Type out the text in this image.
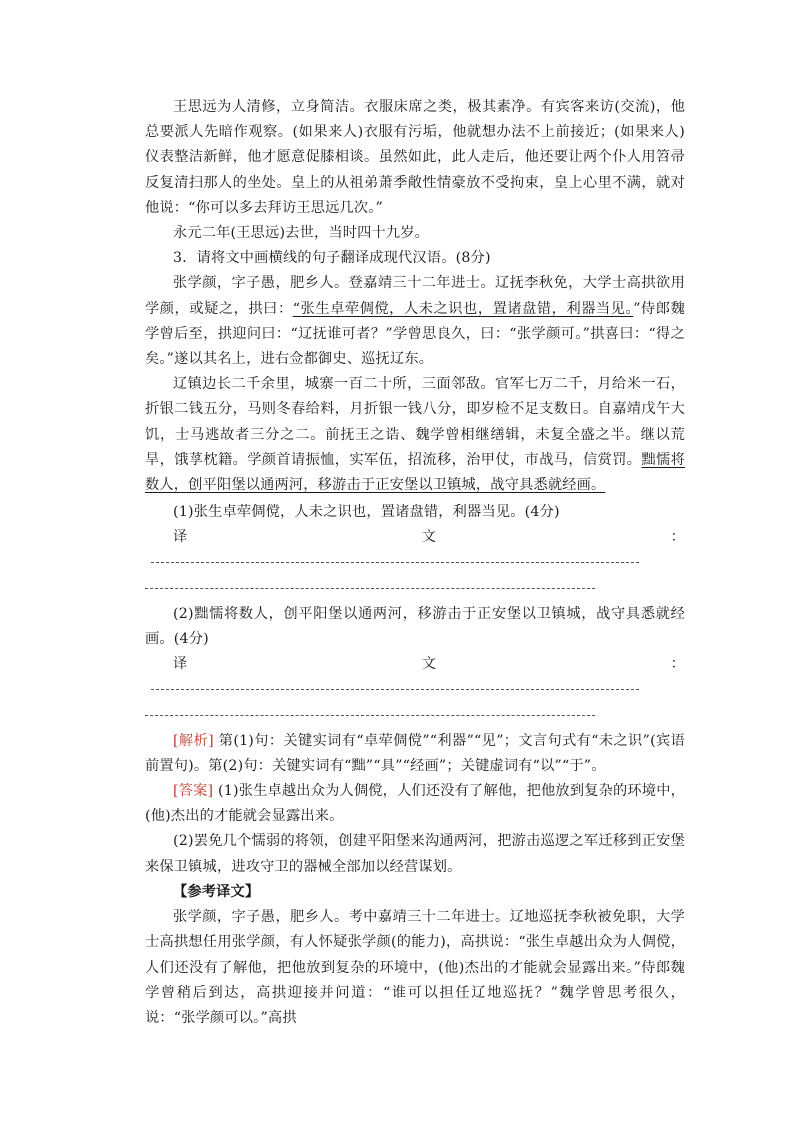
王思远为人清修，立身简洁。衣服床席之类，极其素净。有宾客来访(交流)，他总要派人先暗作观察。(如果来人)衣服有污垢，他就想办法不上前接近；(如果来人)仪表整洁新鲜，他才愿意促膝相谈。虽然如此，此人走后，他还要让两个仆人用笤帚反复清扫那人的坐处。皇上的从祖弟萧季敞性情豪放不受拘束，皇上心里不满，就对他说：“你可以多去拜访王思远几次。”

永元二年(王思远)去世，当时四十九岁。

3．请将文中画横线的句子翻译成现代汉语。(8分)

张学颜，字子愚，肥乡人。登嘉靖三十二年进士。辽抚李秋免，大学士高拱欲用学颜，或疑之，拱曰：“张生卓荦倜傥，人未之识也，置诸盘错，利器当见。”侍郎魏学曾后至，拱迎问曰：“辽抚谁可者？”学曾思良久，曰：“张学颜可。”拱喜曰：“得之矣。”遂以其名上，进右佥都御史、巡抚辽东。

辽镇边长二千余里，城寨一百二十所，三面邻敌。官军七万二千，月给米一石，折银二钱五分，马则冬春给料，月折银一钱八分，即岁检不足支数日。自嘉靖戊午大饥，士马逃故者三分之二。前抚王之诰、魏学曾相继缮辑，未复全盛之半。继以荒旱，饿莩枕籍。学颜首请振恤，实军伍，招流移，治甲仗，市战马，信赏罚。黜懦将数人，创平阳堡以通两河，移游击于正安堡以卫镇城，战守具悉就经画。

(1)张生卓荦倜傥，人未之识也，置诸盘错，利器当见。(4分)

译文：

(2)黜懦将数人，创平阳堡以通两河，移游击于正安堡以卫镇城，战守具悉就经画。(4分)

译文：

[解析] 第(1)句：关键实词有“卓荦倜傥”“利器”“见”；文言句式有“未之识”(宾语前置句)。第(2)句：关键实词有“黜”“具”“经画”；关键虚词有“以”“于”。

[答案] (1)张生卓越出众为人倜傥，人们还没有了解他，把他放到复杂的环境中，(他)杰出的才能就会显露出来。

(2)罢免几个懦弱的将领，创建平阳堡来沟通两河，把游击巡逻之军迁移到正安堡来保卫镇城，进攻守卫的器械全部加以经营谋划。

【参考译文】

张学颜，字子愚，肥乡人。考中嘉靖三十二年进士。辽地巡抚李秋被免职，大学士高拱想任用张学颜，有人怀疑张学颜(的能力)，高拱说：“张生卓越出众为人倜傥，人们还没有了解他，把他放到复杂的环境中，(他)杰出的才能就会显露出来。”侍郎魏学曾稍后到达，高拱迎接并问道：“谁可以担任辽地巡抚？”魏学曾思考很久，说：“张学颜可以。”高拱
